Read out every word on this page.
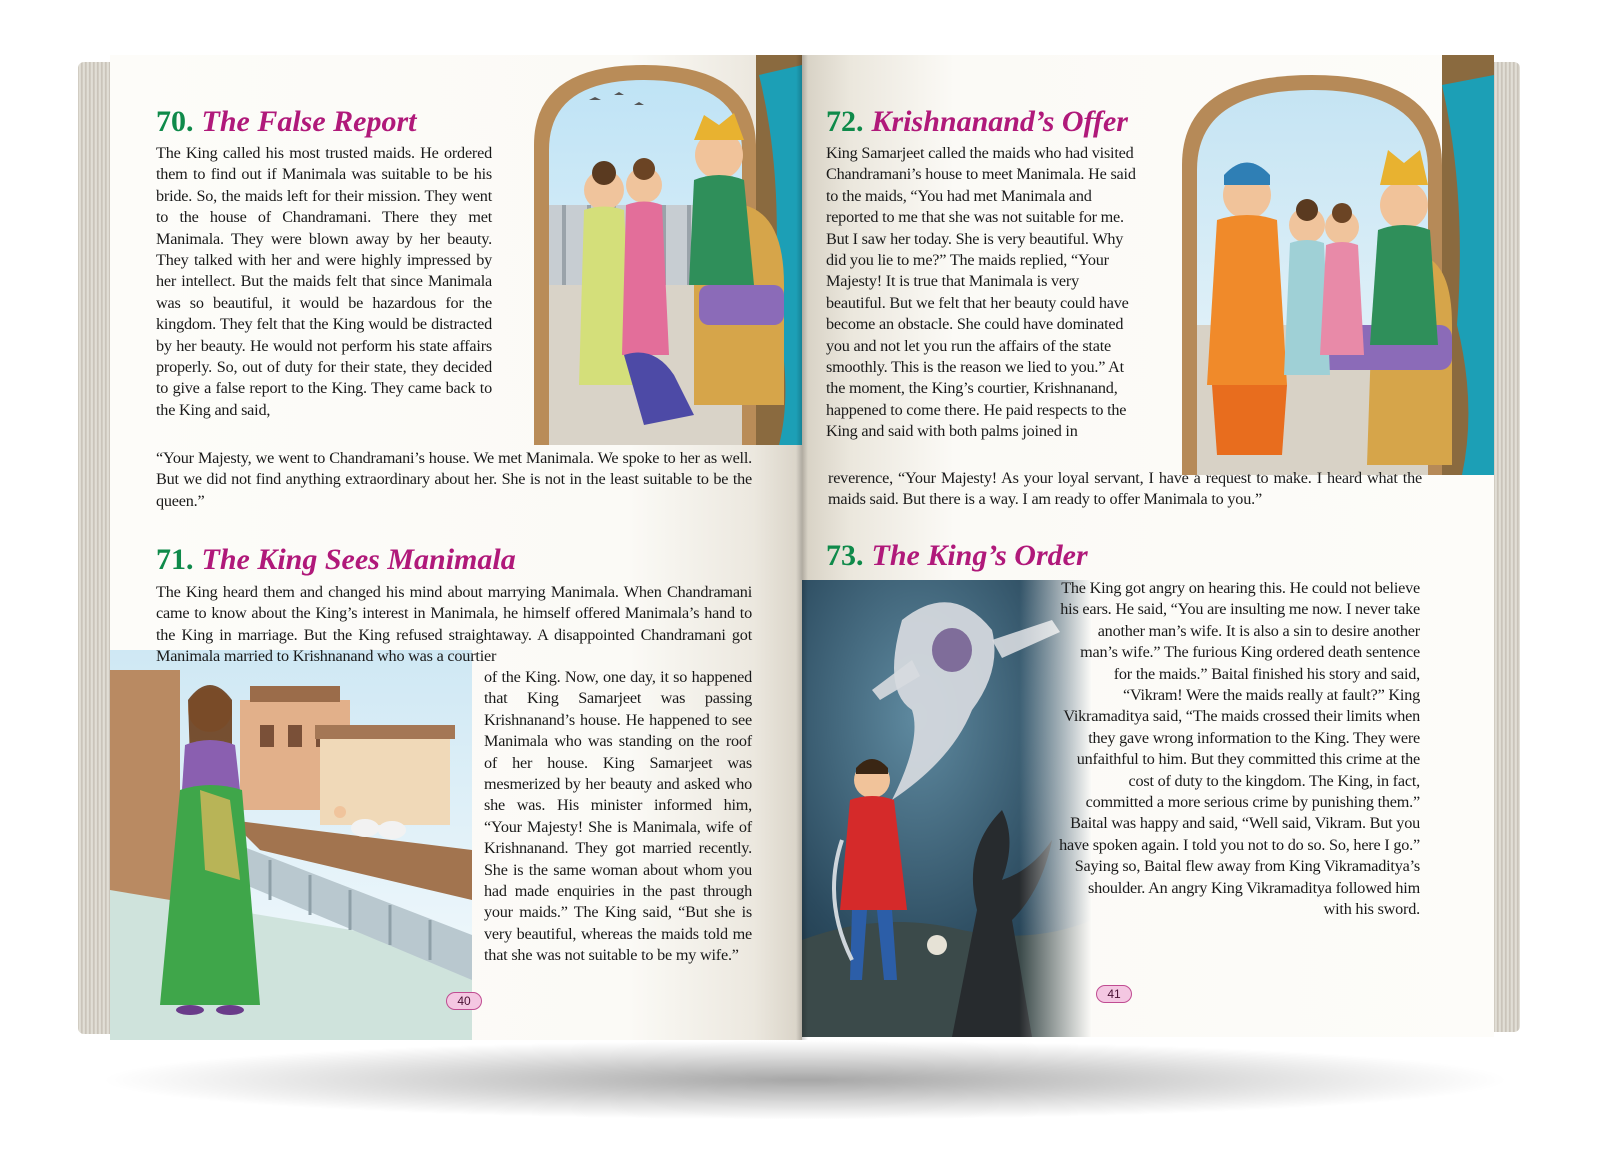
70. The False Report

The King called his most trusted maids. He ordered them to find out if Manimala was suitable to be his bride. So, the maids left for their mission. They went to the house of Chandramani. There they met Manimala. They were blown away by her beauty. They talked with her and were highly impressed by her intellect. But the maids felt that since Manimala was so beautiful, it would be hazardous for the kingdom. They felt that the King would be distracted by her beauty. He would not perform his state affairs properly. So, out of duty for their state, they decided to give a false report to the King. They came back to the King and said,

“Your Majesty, we went to Chandramani’s house. We met Manimala. We spoke to her as well. But we did not find anything extraordinary about her. She is not in the least suitable to be the queen.”

71. The King Sees Manimala

The King heard them and changed his mind about marrying Manimala. When Chandramani came to know about the King’s interest in Manimala, he himself offered Manimala’s hand to the King in marriage. But the King refused straightaway. A disappointed Chandramani got Manimala married to Krishnanand who was a courtier

of the King. Now, one day, it so happened that King Samarjeet was passing Krishnanand’s house. He happened to see Manimala who was standing on the roof of her house. King Samarjeet was mesmerized by her beauty and asked who she was. His minister informed him, “Your Majesty! She is Manimala, wife of Krishnanand. They got married recently. She is the same woman about whom you had made enquiries in the past through your maids.” The King said, “But she is very beautiful, whereas the maids told me that she was not suitable to be my wife.”

40
72. Krishnanand’s Offer

King Samarjeet called the maids who had visited Chandramani’s house to meet Manimala. He said to the maids, “You had met Manimala and reported to me that she was not suitable for me. But I saw her today. She is very beautiful. Why did you lie to me?” The maids replied, “Your Majesty! It is true that Manimala is very beautiful. But we felt that her beauty could have become an obstacle. She could have dominated you and not let you run the affairs of the state smoothly. This is the reason we lied to you.” At the moment, the King’s courtier, Krishnanand, happened to come there. He paid respects to the King and said with both palms joined in

reverence, “Your Majesty! As your loyal servant, I have a request to make. I heard what the maids said. But there is a way. I am ready to offer Manimala to you.”

73. The King’s Order

The King got angry on hearing this. He could not believe his ears. He said, “You are insulting me now. I never take another man’s wife. It is also a sin to desire another man’s wife.” The furious King ordered death sentence for the maids.” Baital finished his story and said, “Vikram! Were the maids really at fault?” King Vikramaditya said, “The maids crossed their limits when they gave wrong information to the King. They were unfaithful to him. But they committed this crime at the cost of duty to the kingdom. The King, in fact, committed a more serious crime by punishing them.” Baital was happy and said, “Well said, Vikram. But you have spoken again. I told you not to do so. So, here I go.” Saying so, Baital flew away from King Vikramaditya’s shoulder. An angry King Vikramaditya followed him with his sword.

41
